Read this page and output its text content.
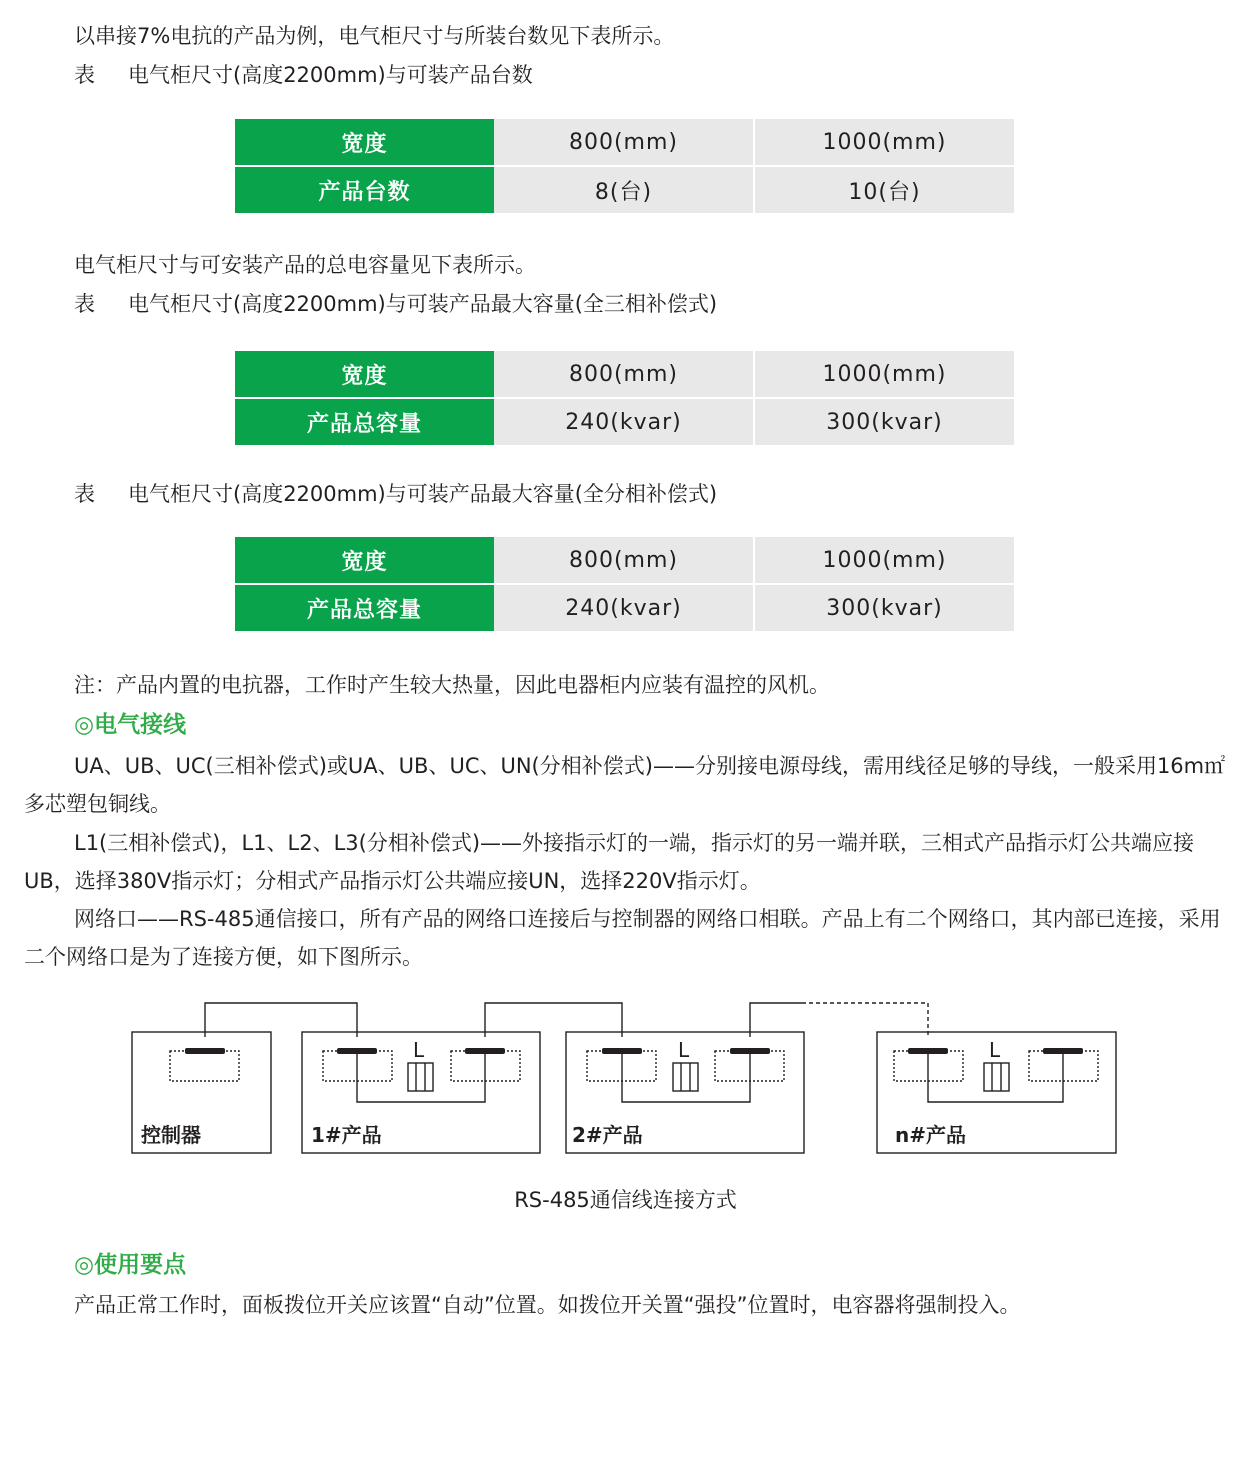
以串接7%电抗的产品为例，电气柜尺寸与所装台数见下表所示。
表 电气柜尺寸(高度2200mm)与可装产品台数
宽度	800(mm)	1000(mm)
产品台数	8(台)	10(台)
电气柜尺寸与可安装产品的总电容量见下表所示。
表 电气柜尺寸(高度2200mm)与可装产品最大容量(全三相补偿式)
宽度	800(mm)	1000(mm)
产品总容量	240(kvar)	300(kvar)
表 电气柜尺寸(高度2200mm)与可装产品最大容量(全分相补偿式)
宽度	800(mm)	1000(mm)
产品总容量	240(kvar)	300(kvar)
注：产品内置的电抗器，工作时产生较大热量，因此电器柜内应装有温控的风机。
◎电气接线
UA、UB、UC(三相补偿式)或UA、UB、UC、UN(分相补偿式)——分别接电源母线，需用线径足够的导线，一般采用16m㎡多芯塑包铜线。
L1(三相补偿式)，L1、L2、L3(分相补偿式)——外接指示灯的一端，指示灯的另一端并联，三相式产品指示灯公共端应接UB，选择380V指示灯；分相式产品指示灯公共端应接UN，选择220V指示灯。
网络口——RS-485通信接口，所有产品的网络口连接后与控制器的网络口相联。产品上有二个网络口，其内部已连接，采用二个网络口是为了连接方便，如下图所示。
L	L	L
控制器	1#产品	2#产品	n#产品
RS-485通信线连接方式
◎使用要点
产品正常工作时，面板拨位开关应该置“自动”位置。如拨位开关置“强投”位置时，电容器将强制投入。
